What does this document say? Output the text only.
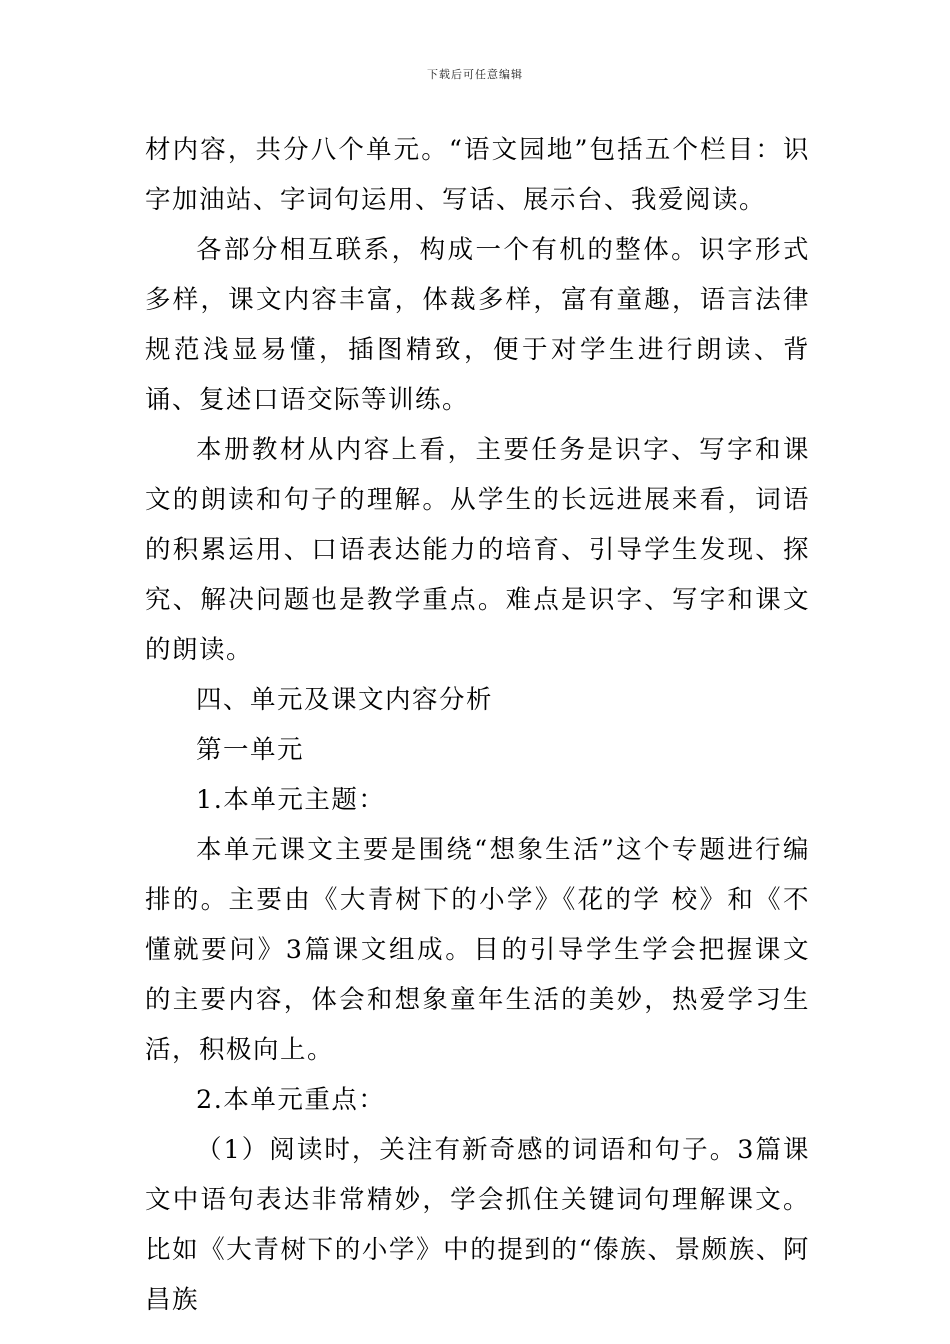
下载后可任意编辑

材内容，共分八个单元。“语文园地”包括五个栏目：识字加油站、字词句运用、写话、展示台、我爱阅读。

各部分相互联系，构成一个有机的整体。识字形式多样，课文内容丰富，体裁多样，富有童趣，语言法律规范浅显易懂，插图精致，便于对学生进行朗读、背诵、复述口语交际等训练。

本册教材从内容上看，主要任务是识字、写字和课文的朗读和句子的理解。从学生的长远进展来看，词语的积累运用、口语表达能力的培育、引导学生发现、探究、解决问题也是教学重点。难点是识字、写字和课文的朗读。

四、单元及课文内容分析

第一单元

1.本单元主题：

本单元课文主要是围绕“想象生活”这个专题进行编排的。主要由《大青树下的小学》《花的学 校》和《不懂就要问》3篇课文组成。目的引导学生学会把握课文的主要内容，体会和想象童年生活的美妙，热爱学习生活，积极向上。

2.本单元重点：

（1）阅读时，关注有新奇感的词语和句子。3篇课文中语句表达非常精妙，学会抓住关键词句理解课文。比如《大青树下的小学》中的提到的“傣族、景颇族、阿昌族
